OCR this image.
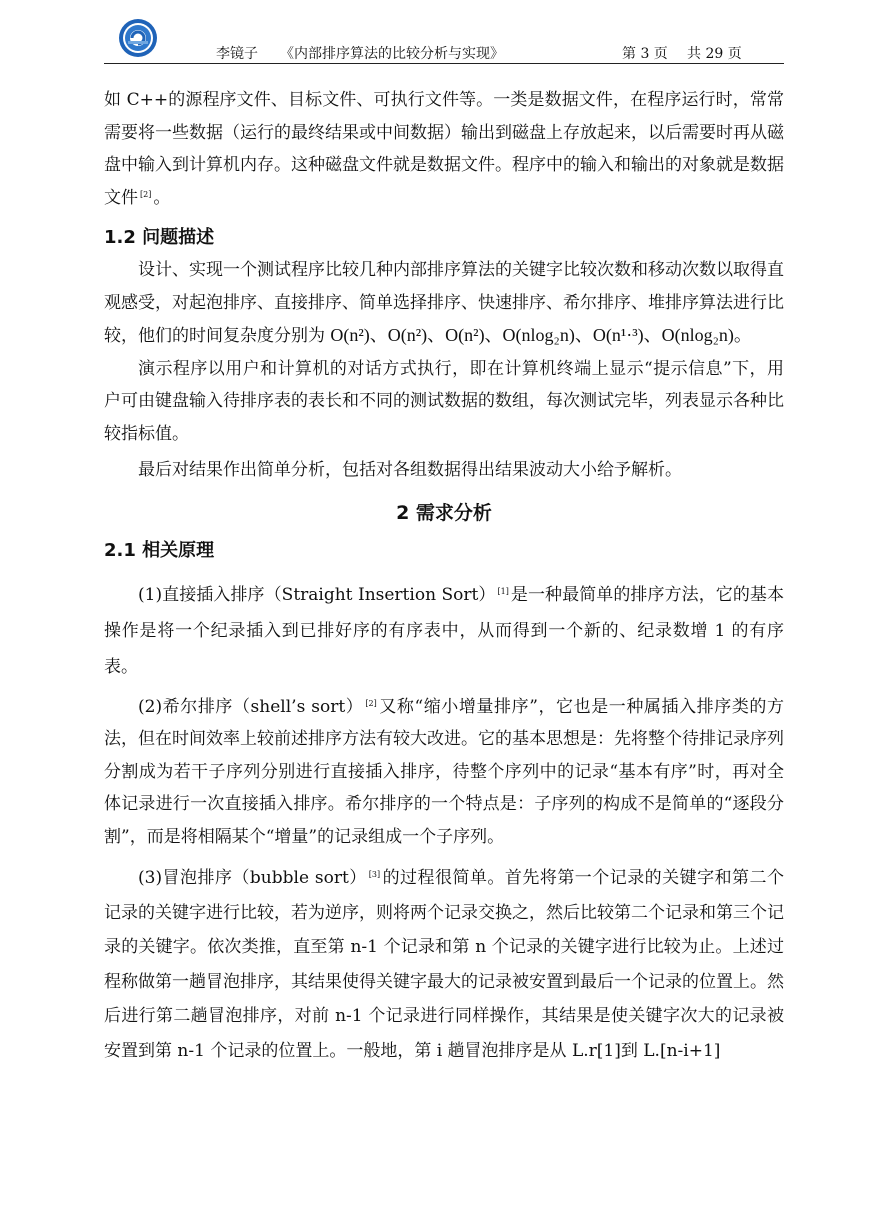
李镜子 《内部排序算法的比较分析与实现》	第 3 页 共 29 页

如 C++的源程序文件、目标文件、可执行文件等。一类是数据文件，在程序运行时，常常需要将一些数据（运行的最终结果或中间数据）输出到磁盘上存放起来，以后需要时再从磁盘中输入到计算机内存。这种磁盘文件就是数据文件。程序中的输入和输出的对象就是数据文件 [2] 。

1.2 问题描述

设计、实现一个测试程序比较几种内部排序算法的关键字比较次数和移动次数以取得直观感受，对起泡排序、直接排序、简单选择排序、快速排序、希尔排序、堆排序算法进行比较，他们的时间复杂度分别为 O(n²)、O(n²)、O(n²)、O(nlog₂n)、O(n¹·³)、O(nlog₂n)。

演示程序以用户和计算机的对话方式执行，即在计算机终端上显示“提示信息”下，用户可由键盘输入待排序表的表长和不同的测试数据的数组，每次测试完毕，列表显示各种比较指标值。

最后对结果作出简单分析，包括对各组数据得出结果波动大小给予解析。

2 需求分析
2.1 相关原理

(1)直接插入排序（Straight Insertion Sort） [1] 是一种最简单的排序方法，它的基本操作是将一个纪录插入到已排好序的有序表中，从而得到一个新的、纪录数增 1 的有序表。

(2)希尔排序（shell’s sort） [2] 又称“缩小增量排序”，它也是一种属插入排序类的方法，但在时间效率上较前述排序方法有较大改进。它的基本思想是：先将整个待排记录序列分割成为若干子序列分别进行直接插入排序，待整个序列中的记录“基本有序”时，再对全体记录进行一次直接插入排序。希尔排序的一个特点是：子序列的构成不是简单的“逐段分割”，而是将相隔某个“增量”的记录组成一个子序列。

(3)冒泡排序（bubble sort） [3] 的过程很简单。首先将第一个记录的关键字和第二个记录的关键字进行比较，若为逆序，则将两个记录交换之，然后比较第二个记录和第三个记录的关键字。依次类推，直至第 n-1 个记录和第 n 个记录的关键字进行比较为止。上述过程称做第一趟冒泡排序，其结果使得关键字最大的记录被安置到最后一个记录的位置上。然后进行第二趟冒泡排序，对前 n-1 个记录进行同样操作，其结果是使关键字次大的记录被安置到第 n-1 个记录的位置上。一般地，第 i 趟冒泡排序是从 L.r[1]到 L.[n-i+1]
